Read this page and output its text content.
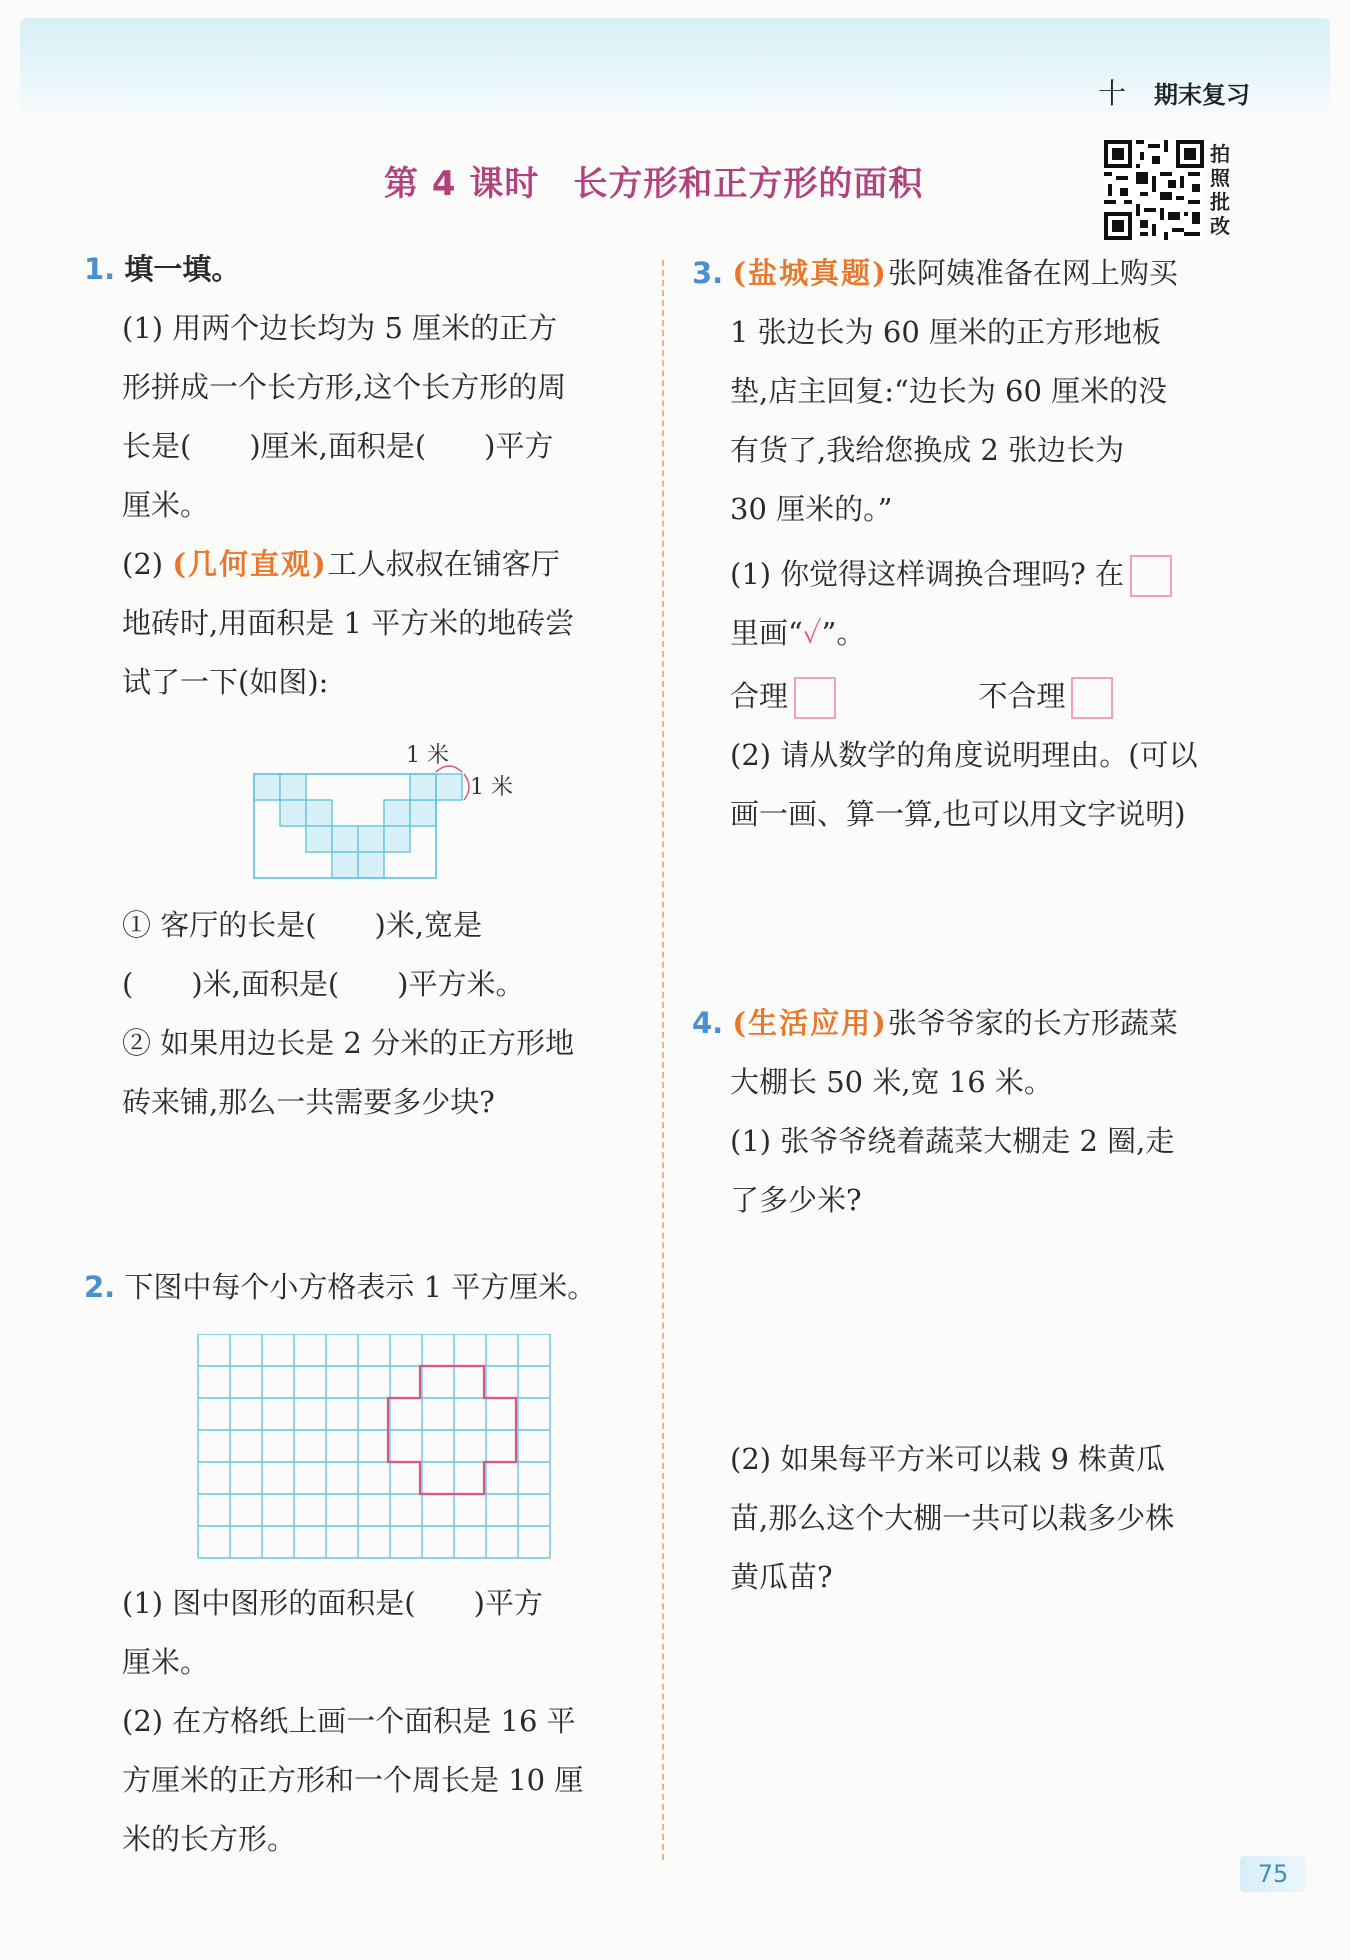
十 期末复习
第 4 课时 长方形和正方形的面积
拍照批改
1. 填一填。
(1) 用两个边长均为 5 厘米的正方
形拼成一个长方形,这个长方形的周
长是(　　)厘米,面积是(　　)平方
厘米。
(2) (几何直观)工人叔叔在铺客厅
地砖时,用面积是 1 平方米的地砖尝
试了一下(如图):
1 米
1 米
① 客厅的长是(　　)米,宽是
(　　)米,面积是(　　)平方米。
② 如果用边长是 2 分米的正方形地
砖来铺,那么一共需要多少块?
2. 下图中每个小方格表示 1 平方厘米。
(1) 图中图形的面积是(　　)平方
厘米。
(2) 在方格纸上画一个面积是 16 平
方厘米的正方形和一个周长是 10 厘
米的长方形。
3. (盐城真题)张阿姨准备在网上购买
1 张边长为 60 厘米的正方形地板
垫,店主回复:“边长为 60 厘米的没
有货了,我给您换成 2 张边长为
30 厘米的。”
(1) 你觉得这样调换合理吗? 在
里画“✓”。
合理	不合理
(2) 请从数学的角度说明理由。(可以
画一画、算一算,也可以用文字说明)
4. (生活应用)张爷爷家的长方形蔬菜
大棚长 50 米,宽 16 米。
(1) 张爷爷绕着蔬菜大棚走 2 圈,走
了多少米?
(2) 如果每平方米可以栽 9 株黄瓜
苗,那么这个大棚一共可以栽多少株
黄瓜苗?
75
